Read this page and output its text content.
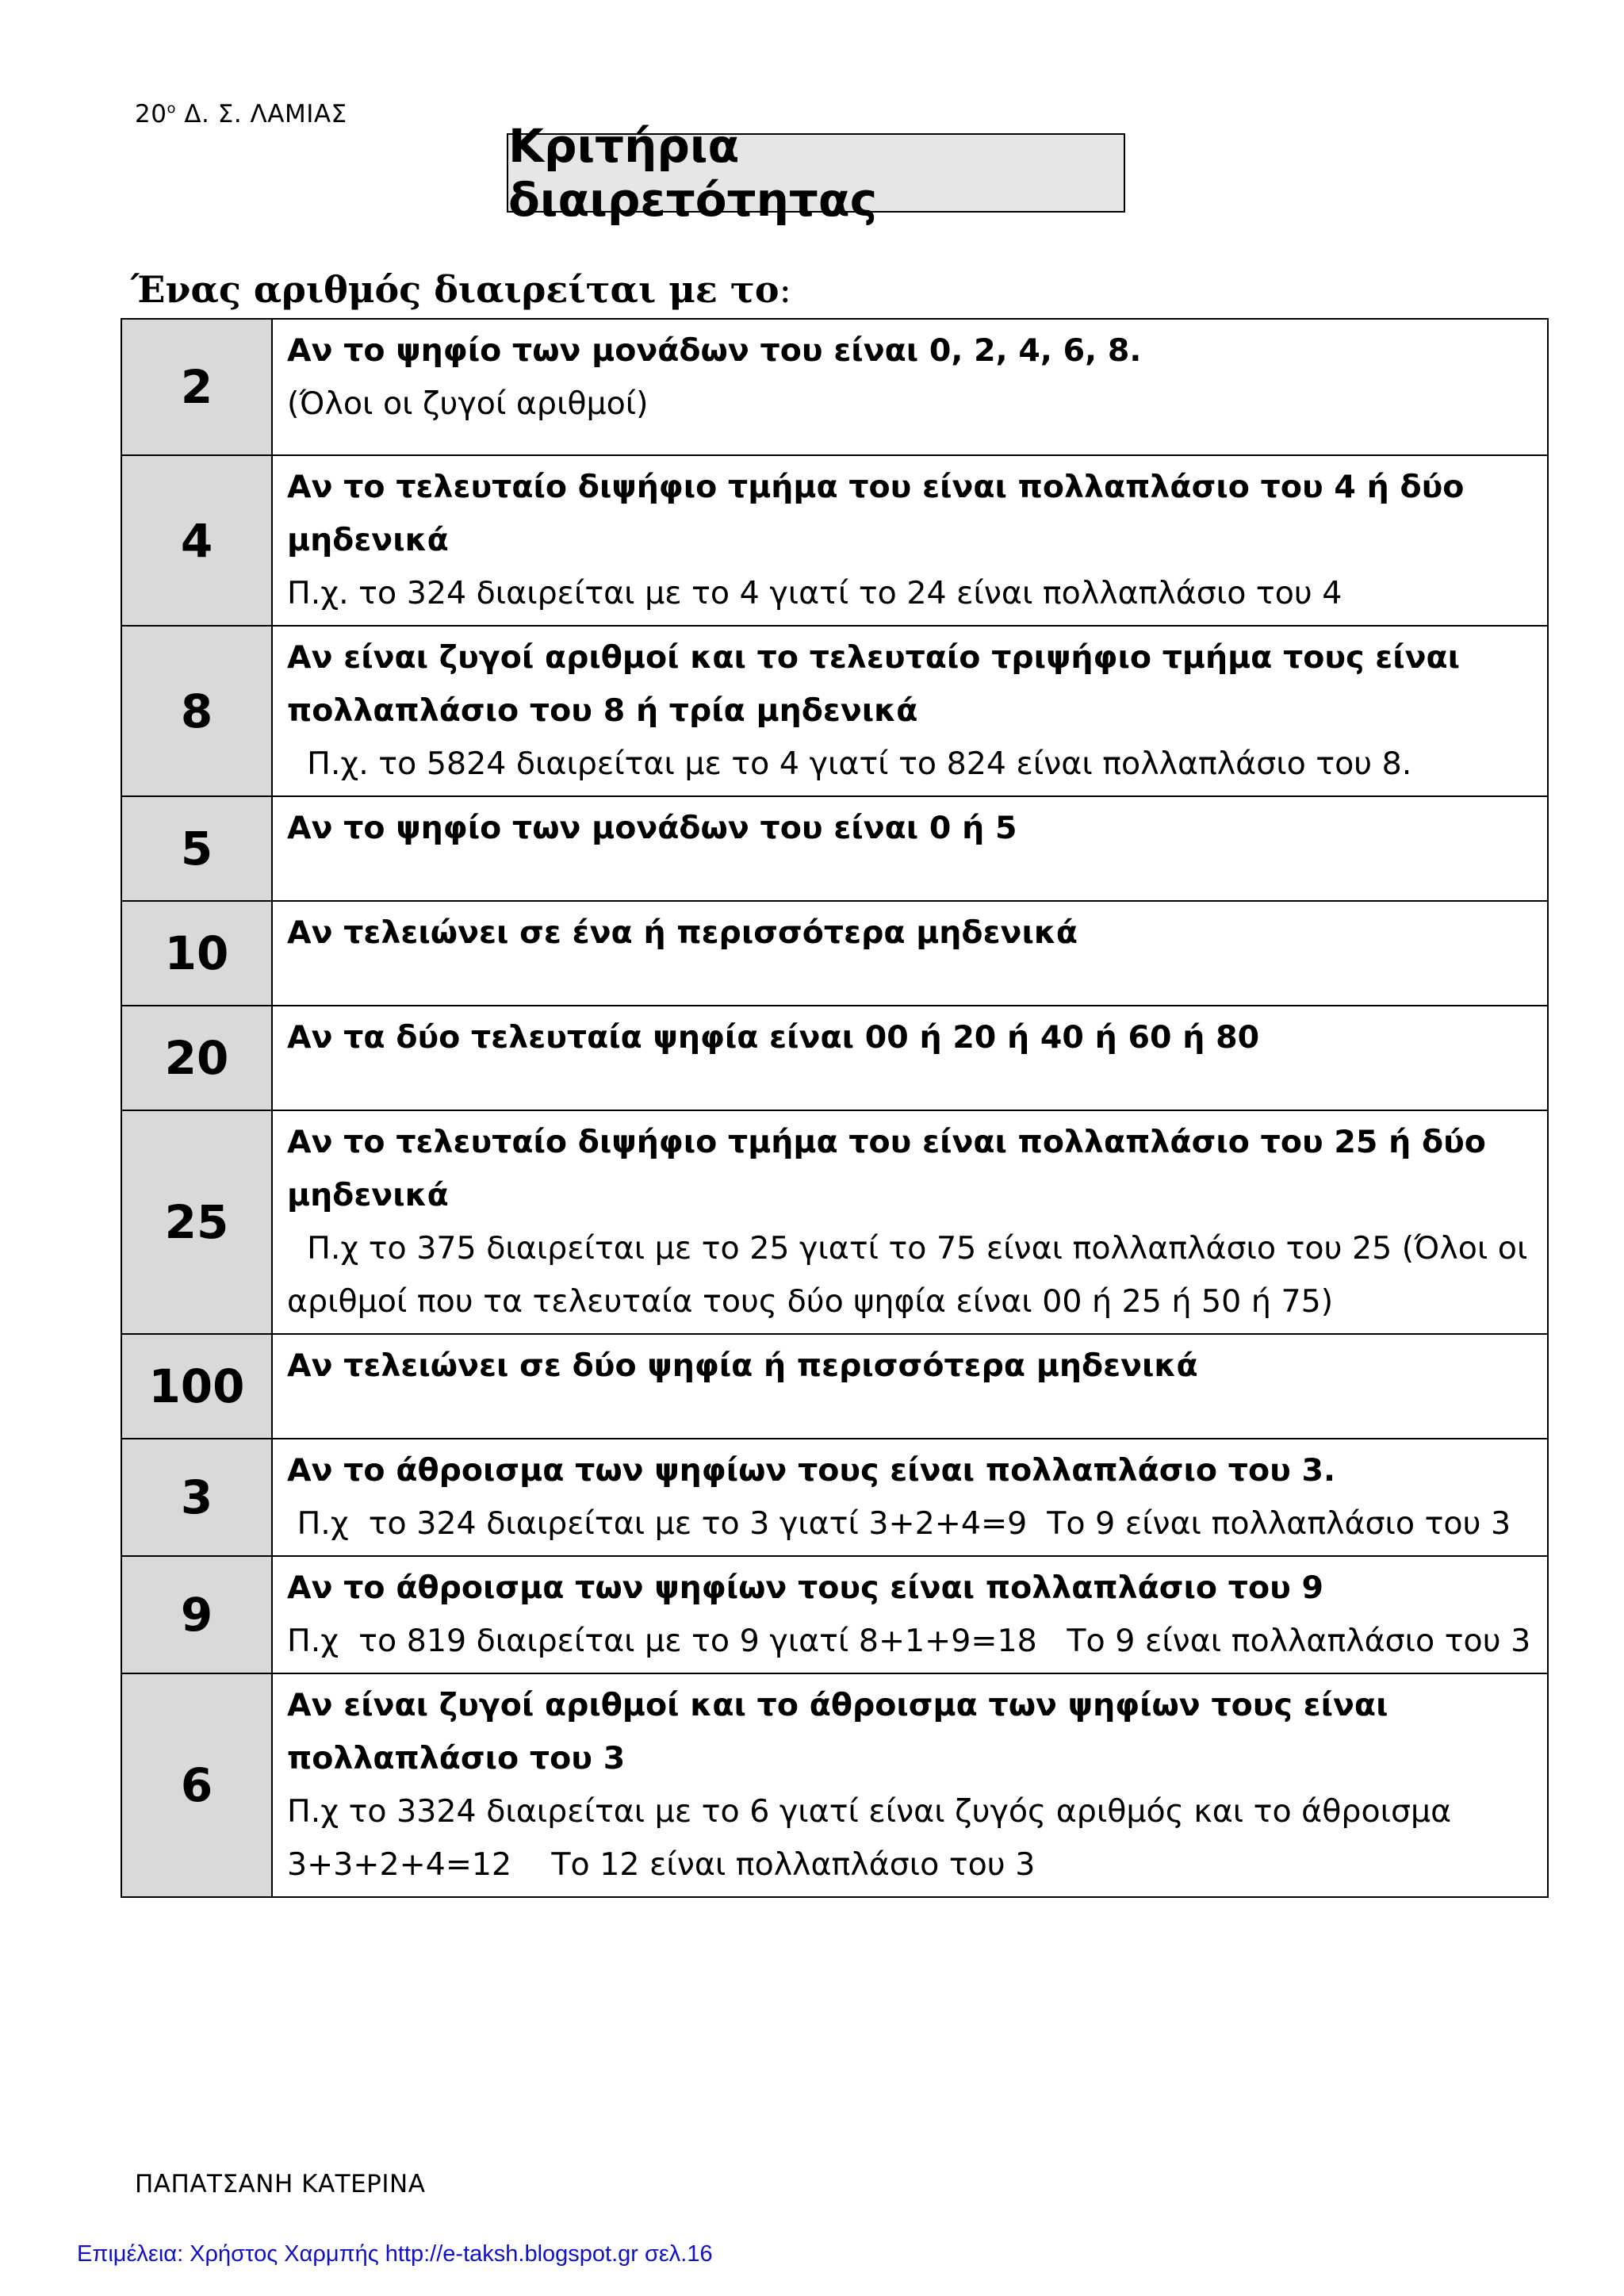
$20^o$ Δ. Σ. ΛΑΜΙΑΣ
Κριτήρια διαιρετότητας
Ένας αριθμός διαιρείται με το:
2	Αν το ψηφίο των μονάδων του είναι 0, 2, 4, 6, 8.
(Όλοι οι ζυγοί αριθμοί)

4	Αν το τελευταίο διψήφιο τμήμα του είναι πολλαπλάσιο του 4 ή δύο μηδενικά
Π.χ. το 324 διαιρείται με το 4 γιατί το 24 είναι πολλαπλάσιο του 4

8	Αν είναι ζυγοί αριθμοί και το τελευταίο τριψήφιο τμήμα τους είναι πολλαπλάσιο του 8 ή τρία μηδενικά
Π.χ. το 5824 διαιρείται με το 4 γιατί το 824 είναι πολλαπλάσιο του 8.

5	Αν το ψηφίο των μονάδων του είναι 0 ή 5
10	Αν τελειώνει σε ένα ή περισσότερα μηδενικά
20	Αν τα δύο τελευταία ψηφία είναι 00 ή 20 ή 40 ή 60 ή 80
25	Αν το τελευταίο διψήφιο τμήμα του είναι πολλαπλάσιο του 25 ή δύο μηδενικά
Π.χ το 375 διαιρείται με το 25 γιατί το 75 είναι πολλαπλάσιο του 25 (Όλοι οι αριθμοί που τα τελευταία τους δύο ψηφία είναι 00 ή 25 ή 50 ή 75)

100	Αν τελειώνει σε δύο ψηφία ή περισσότερα μηδενικά
3	Αν το άθροισμα των ψηφίων τους είναι πολλαπλάσιο του 3.
Π.χ  το 324 διαιρείται με το 3 γιατί 3+2+4=9  Το 9 είναι πολλαπλάσιο του 3

9	Αν το άθροισμα των ψηφίων τους είναι πολλαπλάσιο του 9
Π.χ  το 819 διαιρείται με το 9 γιατί 8+1+9=18   Το 9 είναι πολλαπλάσιο του 3

6	Αν είναι ζυγοί αριθμοί και το άθροισμα των ψηφίων τους είναι πολλαπλάσιο του 3
Π.χ το 3324 διαιρείται με το 6 γιατί είναι ζυγός αριθμός και το άθροισμα 3+3+2+4=12    Το 12 είναι πολλαπλάσιο του 3
ΠΑΠΑΤΣΑΝΗ ΚΑΤΕΡΙΝΑ
Επιμέλεια: Χρήστος Χαρμπής http://e-taksh.blogspot.gr σελ.16
